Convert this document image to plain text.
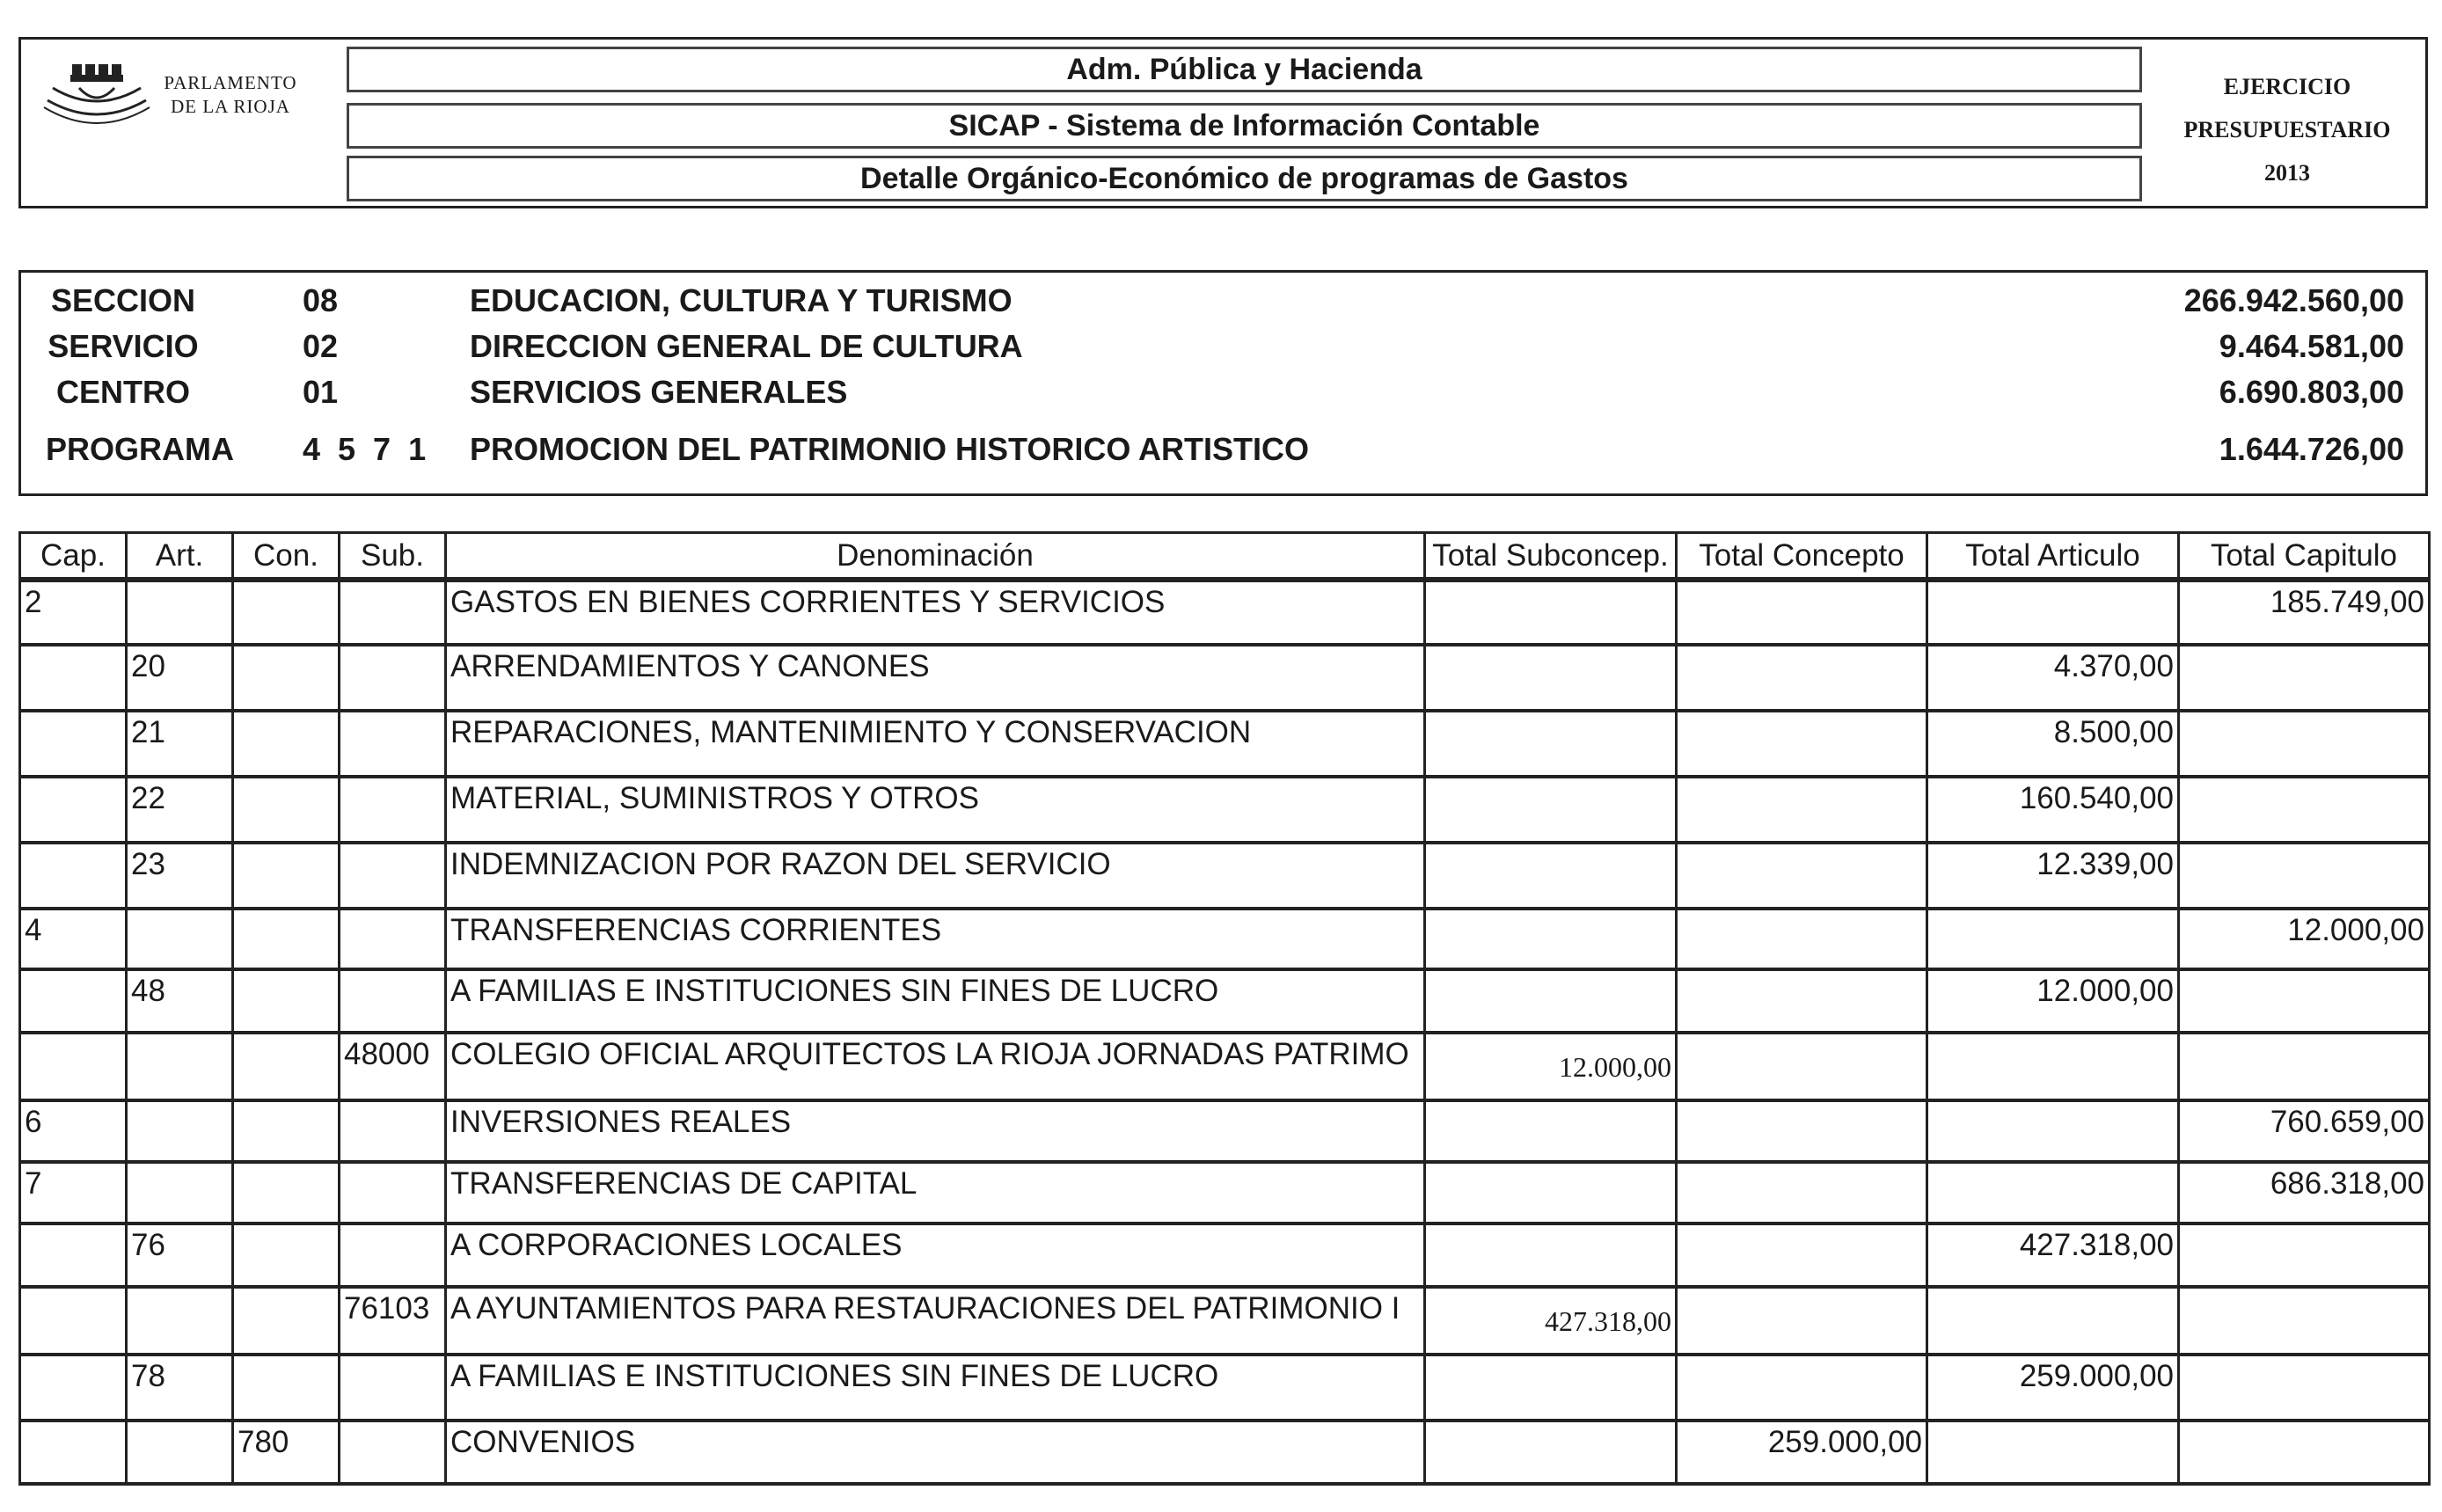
PARLAMENTO
DE LA RIOJA
Adm. Pública y Hacienda
SICAP - Sistema de Información Contable
Detalle Orgánico-Económico de programas de Gastos
EJERCICIO
PRESUPUESTARIO
2013
SECCION	08	EDUCACION, CULTURA Y TURISMO	266.942.560,00
SERVICIO	02	DIRECCION GENERAL DE CULTURA	9.464.581,00
CENTRO	01	SERVICIOS GENERALES	6.690.803,00
PROGRAMA	4  5  7  1 PROMOCION DEL PATRIMONIO HISTORICO ARTISTICO	1.644.726,00
Cap.	Art.	Con.	Sub.	Denominación	Total Subconcep.	Total Concepto	Total Articulo	Total Capitulo
2				GASTOS EN BIENES CORRIENTES Y SERVICIOS				185.749,00
	20			ARRENDAMIENTOS Y CANONES			4.370,00	
	21			REPARACIONES, MANTENIMIENTO Y CONSERVACION			8.500,00	
	22			MATERIAL, SUMINISTROS Y OTROS			160.540,00	
	23			INDEMNIZACION POR RAZON DEL SERVICIO			12.339,00	
4				TRANSFERENCIAS CORRIENTES				12.000,00
	48			A FAMILIAS E INSTITUCIONES SIN FINES DE LUCRO			12.000,00	
			48000	COLEGIO OFICIAL ARQUITECTOS LA RIOJA JORNADAS PATRIMO	12.000,00			
6				INVERSIONES REALES				760.659,00
7				TRANSFERENCIAS DE CAPITAL				686.318,00
	76			A CORPORACIONES LOCALES			427.318,00	
			76103	A AYUNTAMIENTOS PARA RESTAURACIONES DEL PATRIMONIO I	427.318,00			
	78			A FAMILIAS E INSTITUCIONES SIN FINES DE LUCRO			259.000,00	
		780		CONVENIOS		259.000,00		
